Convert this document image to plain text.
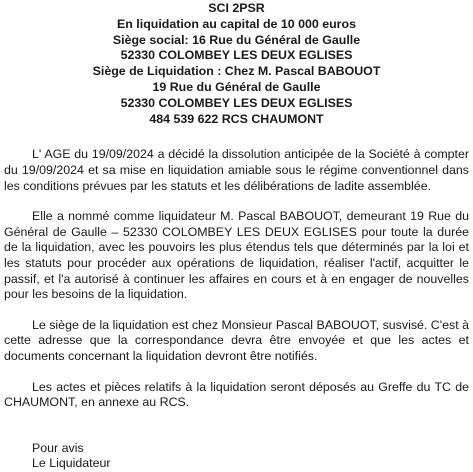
SCI 2PSR
En liquidation au capital de 10 000 euros
Siège social: 16 Rue du Général de Gaulle
52330 COLOMBEY LES DEUX EGLISES
Siège de Liquidation : Chez M. Pascal BABOUOT
19 Rue du Général de Gaulle
52330 COLOMBEY LES DEUX EGLISES
484 539 622 RCS CHAUMONT

L' AGE du 19/09/2024 a décidé la dissolution anticipée de la Société à compter du 19/09/2024 et sa mise en liquidation amiable sous le régime conventionnel dans les conditions prévues par les statuts et les délibérations de ladite assemblée.

Elle a nommé comme liquidateur M. Pascal BABOUOT, demeurant 19 Rue du Général de Gaulle – 52330 COLOMBEY LES DEUX EGLISES pour toute la durée de la liquidation, avec les pouvoirs les plus étendus tels que déterminés par la loi et les statuts pour procéder aux opérations de liquidation, réaliser l'actif, acquitter le passif, et l'a autorisé à continuer les affaires en cours et à en engager de nouvelles pour les besoins de la liquidation.

Le siège de la liquidation est chez Monsieur Pascal BABOUOT, susvisé. C'est à cette adresse que la correspondance devra être envoyée et que les actes et documents concernant la liquidation devront être notifiés.

Les actes et pièces relatifs à la liquidation seront déposés au Greffe du TC de CHAUMONT, en annexe au RCS.

Pour avis
Le Liquidateur
